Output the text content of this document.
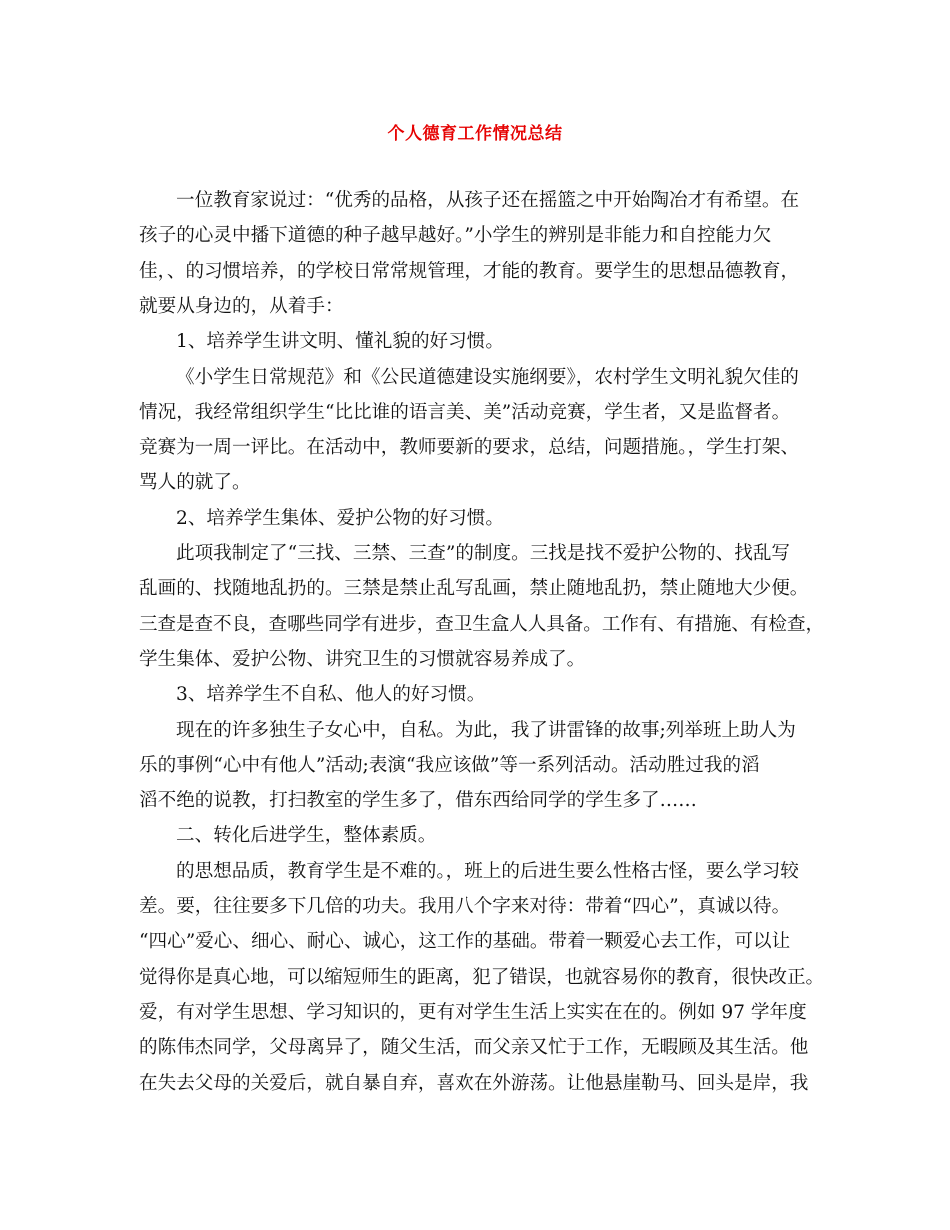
个人德育工作情况总结
一位教育家说过：“优秀的品格，从孩子还在摇篮之中开始陶冶才有希望。在
孩子的心灵中播下道德的种子越早越好。”小学生的辨别是非能力和自控能力欠
佳，、的习惯培养，的学校日常常规管理，才能的教育。要学生的思想品德教育，
就要从身边的，从着手：
1、培养学生讲文明、懂礼貌的好习惯。
《小学生日常规范》和《公民道德建设实施纲要》，农村学生文明礼貌欠佳的
情况，我经常组织学生“比比谁的语言美、美”活动竞赛，学生者，又是监督者。
竞赛为一周一评比。在活动中，教师要新的要求，总结，问题措施。，学生打架、
骂人的就了。
2、培养学生集体、爱护公物的好习惯。
此项我制定了“三找、三禁、三查”的制度。三找是找不爱护公物的、找乱写
乱画的、找随地乱扔的。三禁是禁止乱写乱画，禁止随地乱扔，禁止随地大少便。
三查是查不良，查哪些同学有进步，查卫生盒人人具备。工作有、有措施、有检查，
学生集体、爱护公物、讲究卫生的习惯就容易养成了。
3、培养学生不自私、他人的好习惯。
现在的许多独生子女心中，自私。为此，我了讲雷锋的故事;列举班上助人为
乐的事例“心中有他人”活动;表演“我应该做”等一系列活动。活动胜过我的滔
滔不绝的说教，打扫教室的学生多了，借东西给同学的学生多了……
二、转化后进学生，整体素质。
的思想品质，教育学生是不难的。，班上的后进生要么性格古怪，要么学习较
差。要，往往要多下几倍的功夫。我用八个字来对待：带着“四心”，真诚以待。
“四心”爱心、细心、耐心、诚心，这工作的基础。带着一颗爱心去工作，可以让
觉得你是真心地，可以缩短师生的距离，犯了错误，也就容易你的教育，很快改正。
爱，有对学生思想、学习知识的，更有对学生生活上实实在在的。例如 97 学年度
的陈伟杰同学，父母离异了，随父生活，而父亲又忙于工作，无暇顾及其生活。他
在失去父母的关爱后，就自暴自弃，喜欢在外游荡。让他悬崖勒马、回头是岸，我
